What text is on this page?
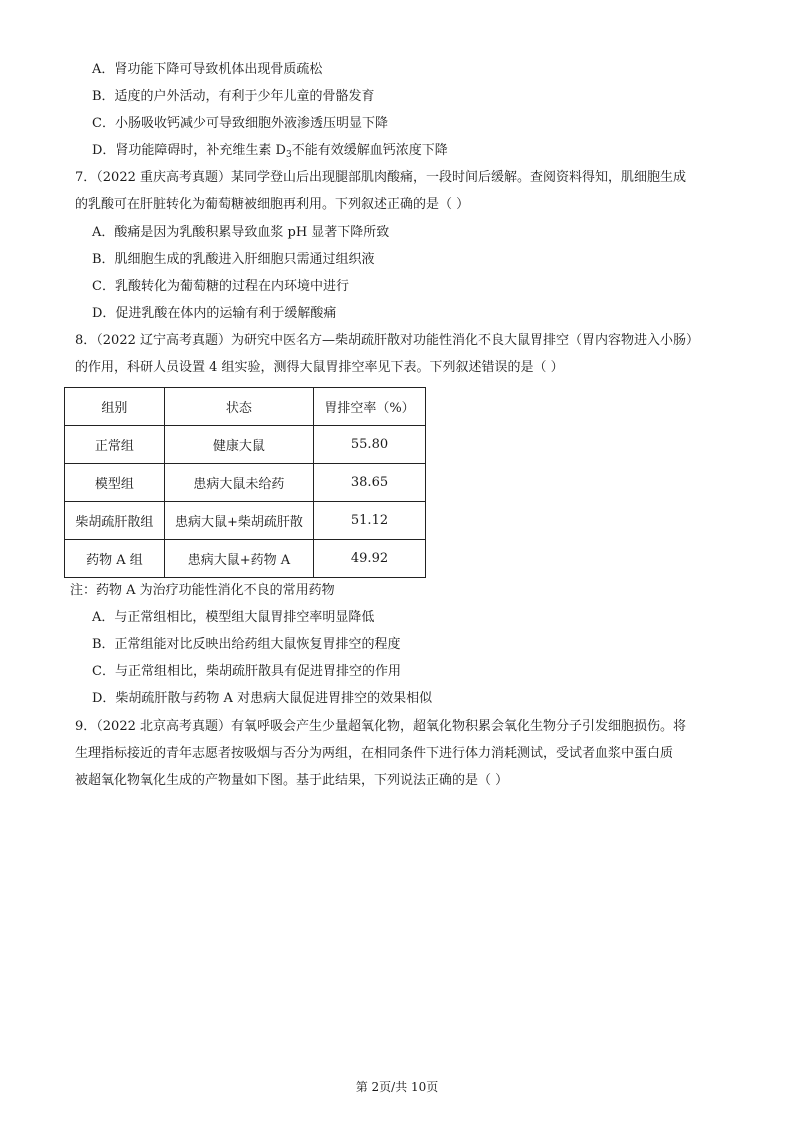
A．肾功能下降可导致机体出现骨质疏松
B．适度的户外活动，有利于少年儿童的骨骼发育
C．小肠吸收钙减少可导致细胞外液渗透压明显下降
D．肾功能障碍时，补充维生素 $D_3$不能有效缓解血钙浓度下降
7．（2022 重庆高考真题）某同学登山后出现腿部肌肉酸痛，一段时间后缓解。查阅资料得知，肌细胞生成
的乳酸可在肝脏转化为葡萄糖被细胞再利用。下列叙述正确的是（ ）
A．酸痛是因为乳酸积累导致血浆 pH 显著下降所致
B．肌细胞生成的乳酸进入肝细胞只需通过组织液
C．乳酸转化为葡萄糖的过程在内环境中进行
D．促进乳酸在体内的运输有利于缓解酸痛
8．（2022 辽宁高考真题）为研究中医名方—柴胡疏肝散对功能性消化不良大鼠胃排空（胃内容物进入小肠）
的作用，科研人员设置 4 组实验，测得大鼠胃排空率见下表。下列叙述错误的是（ ）
组别	状态	胃排空率（%）
正常组	健康大鼠	55.80
模型组	患病大鼠未给药	38.65
柴胡疏肝散组	患病大鼠+柴胡疏肝散	51.12
药物 A 组	患病大鼠+药物 A	49.92
注：药物 A 为治疗功能性消化不良的常用药物
A．与正常组相比，模型组大鼠胃排空率明显降低
B．正常组能对比反映出给药组大鼠恢复胃排空的程度
C．与正常组相比，柴胡疏肝散具有促进胃排空的作用
D．柴胡疏肝散与药物 A 对患病大鼠促进胃排空的效果相似
9．（2022 北京高考真题）有氧呼吸会产生少量超氧化物，超氧化物积累会氧化生物分子引发细胞损伤。将
生理指标接近的青年志愿者按吸烟与否分为两组，在相同条件下进行体力消耗测试，受试者血浆中蛋白质
被超氧化物氧化生成的产物量如下图。基于此结果，下列说法正确的是（ ）
第 2页/共 10页
